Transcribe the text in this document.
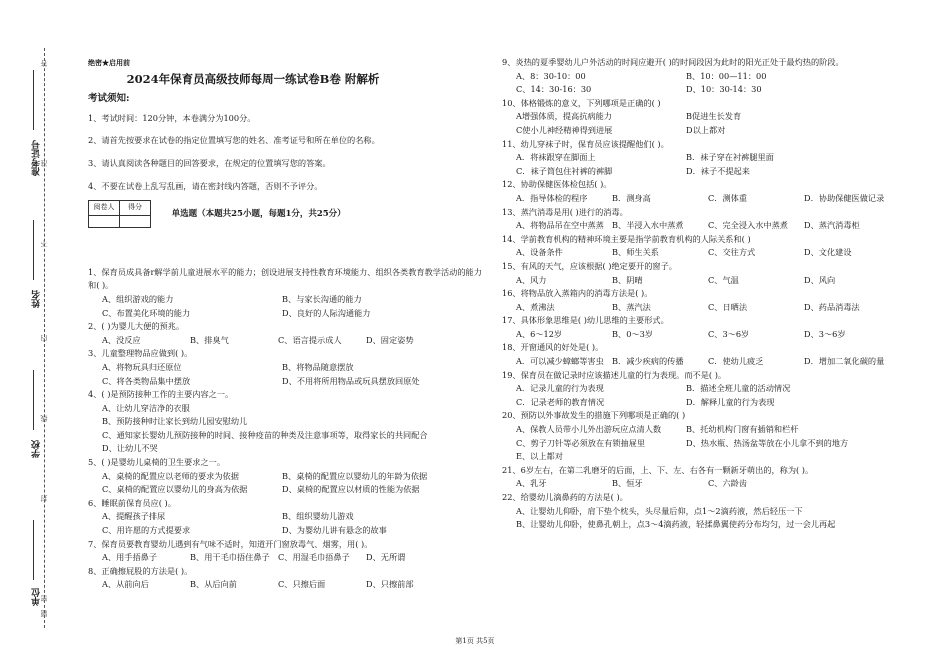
准考证号
姓名
学校
单位
密
封
线
内
不
准
答
题
绝密★启用前
2024年保育员高级技师每周一练试卷B卷 附解析
考试须知:
1、考试时间：120分钟，本卷满分为100分。
2、请首先按要求在试卷的指定位置填写您的姓名、准考证号和所在单位的名称。
3、请认真阅读各种题目的回答要求，在规定的位置填写您的答案。
4、不要在试卷上乱写乱画，请在密封线内答题，否则不予评分。
阅卷人	得分
	单选题（本题共25小题，每题1分，共25分）
1、保育员成具备r解学前儿童进展水平的能力；创设进展支持性教育环境能力、组织各类教育教学活动的能力和( )。
A、组织游戏的能力	B、与家长沟通的能力
C、布置美化环境的能力	D、良好的人际沟通能力
2、( )为婴儿大便的预兆。
A、没反应	B、排臭气	C、语言提示成人	D、固定姿势
3、儿童整理物品应做到( )。
A、将物玩具归还原位	B、将物品随意摆放
C、将各类物品集中摆放	D、不用将所用物品或玩具摆放回原处
4、( )是预防接种工作的主要内容之一。
A、让幼儿穿洁净的衣服
B、预防接种时让家长到幼儿园安慰幼儿
C、通知家长婴幼儿预防接种的时间、接种疫苗的种类及注意事项等，取得家长的共同配合
D、让幼儿不哭
5、( )是婴幼儿桌椅的卫生要求之一。
A、桌椅的配置应以老师的要求为依据	B、桌椅的配置应以婴幼儿的年龄为依据
C、桌椅的配置应以婴幼儿的身高为依据	D、桌椅的配置应以材质的性能为依据
6、睡眠前保育员应( )。
A、提醒孩子排尿	B、组织婴幼儿游戏
C、用许愿的方式提要求	D、为婴幼儿讲有悬念的故事
7、保育员要教育婴幼儿遇到有气味不适时，知道开门窗放毒气、烟雾，用( )。
A、用手捂鼻子	B、用干毛巾捂住鼻子	C、用湿毛巾捂鼻子	D、无所谓
8、正确擦屁股的方法是( )。
A、从前向后	B、从后向前	C、只擦后面	D、只擦前部
9、炎热的夏季婴幼儿户外活动的时间应避开( )的时间段因为此时的阳光正处于最灼热的阶段。
A、8：30-10：00	B、10：00—11：00
C、14：30-16：30	D、10：30-14：30
10、体格锻炼的意义，下列哪项是正确的( )
A增强体质，提高抗病能力	B促进生长发育
C使小儿神经精神得到进展	D以上都对
11、幼儿穿袜子时，保育员应该提醒他们( )。
A．将袜跟穿在脚面上	B．袜子穿在衬裤腿里面
C．袜子筒包住衬裤的裤脚	D．袜子不提起来
12、协助保健医体检包括( )。
A．指导体检的程序	B．测身高	C．测体重	D．协助保健医做记录
13、蒸汽消毒是用( )进行的消毒。
A、将物品吊在空中蒸蒸	B、半浸入水中蒸煮	C、完全浸入水中蒸煮	D、蒸汽消毒柜
14、学前教育机构的精神环境主要是指学前教育机构的人际关系和( )
A、设备条件	B、师生关系	C、交往方式	D、文化建设
15、有风的天气，应该根据( )绝定要开的窗子。
A、风力	B、阴晴	C、气温	D、风向
16、将物品放入蒸箱内的消毒方法是( )。
A、煮沸法	B、蒸汽法	C、日晒法	D、药品消毒法
17、具体形象思维是( )幼儿思维的主要形式。
A、6～12岁	B、0～3岁	C、3～6岁	D、3～6岁
18、开窗通风的好处是( )。
A．可以减少蟑螂等害虫	B．减少疾病的传播	C．使幼儿疲乏	D．增加二氧化碳的量
19、保育员在做记录时应该描述儿童的行为表现。而不是( )。
A．记录儿童的行为表现	B．描述全班儿童的活动情况
C．记录老师的教育情况	D．解释儿童的行为表现
20、预防以外事故发生的措施下列哪项是正确的( )
A、保教人员带小儿外出游玩应点清人数	B、托幼机构门窗有插销和栏杆
C、剪子刀针等必须放在有锁抽屉里	D、热水瓶、热汤盆等放在小儿拿不到的地方
E、以上都对
21、6岁左右，在第二乳磨牙的后面，上、下、左、右各有一颗新牙萌出的，称为( )。
A、乳牙	B、恒牙	C、六龄齿
22、给婴幼儿滴鼻药的方法是( )。
A、让婴幼儿仰卧，肩下垫个枕头，头尽量后仰，点1～2滴药液，然后轻压一下
B、让婴幼儿仰卧，使鼻孔朝上，点3～4滴药液，轻揉鼻翼使药分布均匀，过一会儿再起
第1页 共5页
